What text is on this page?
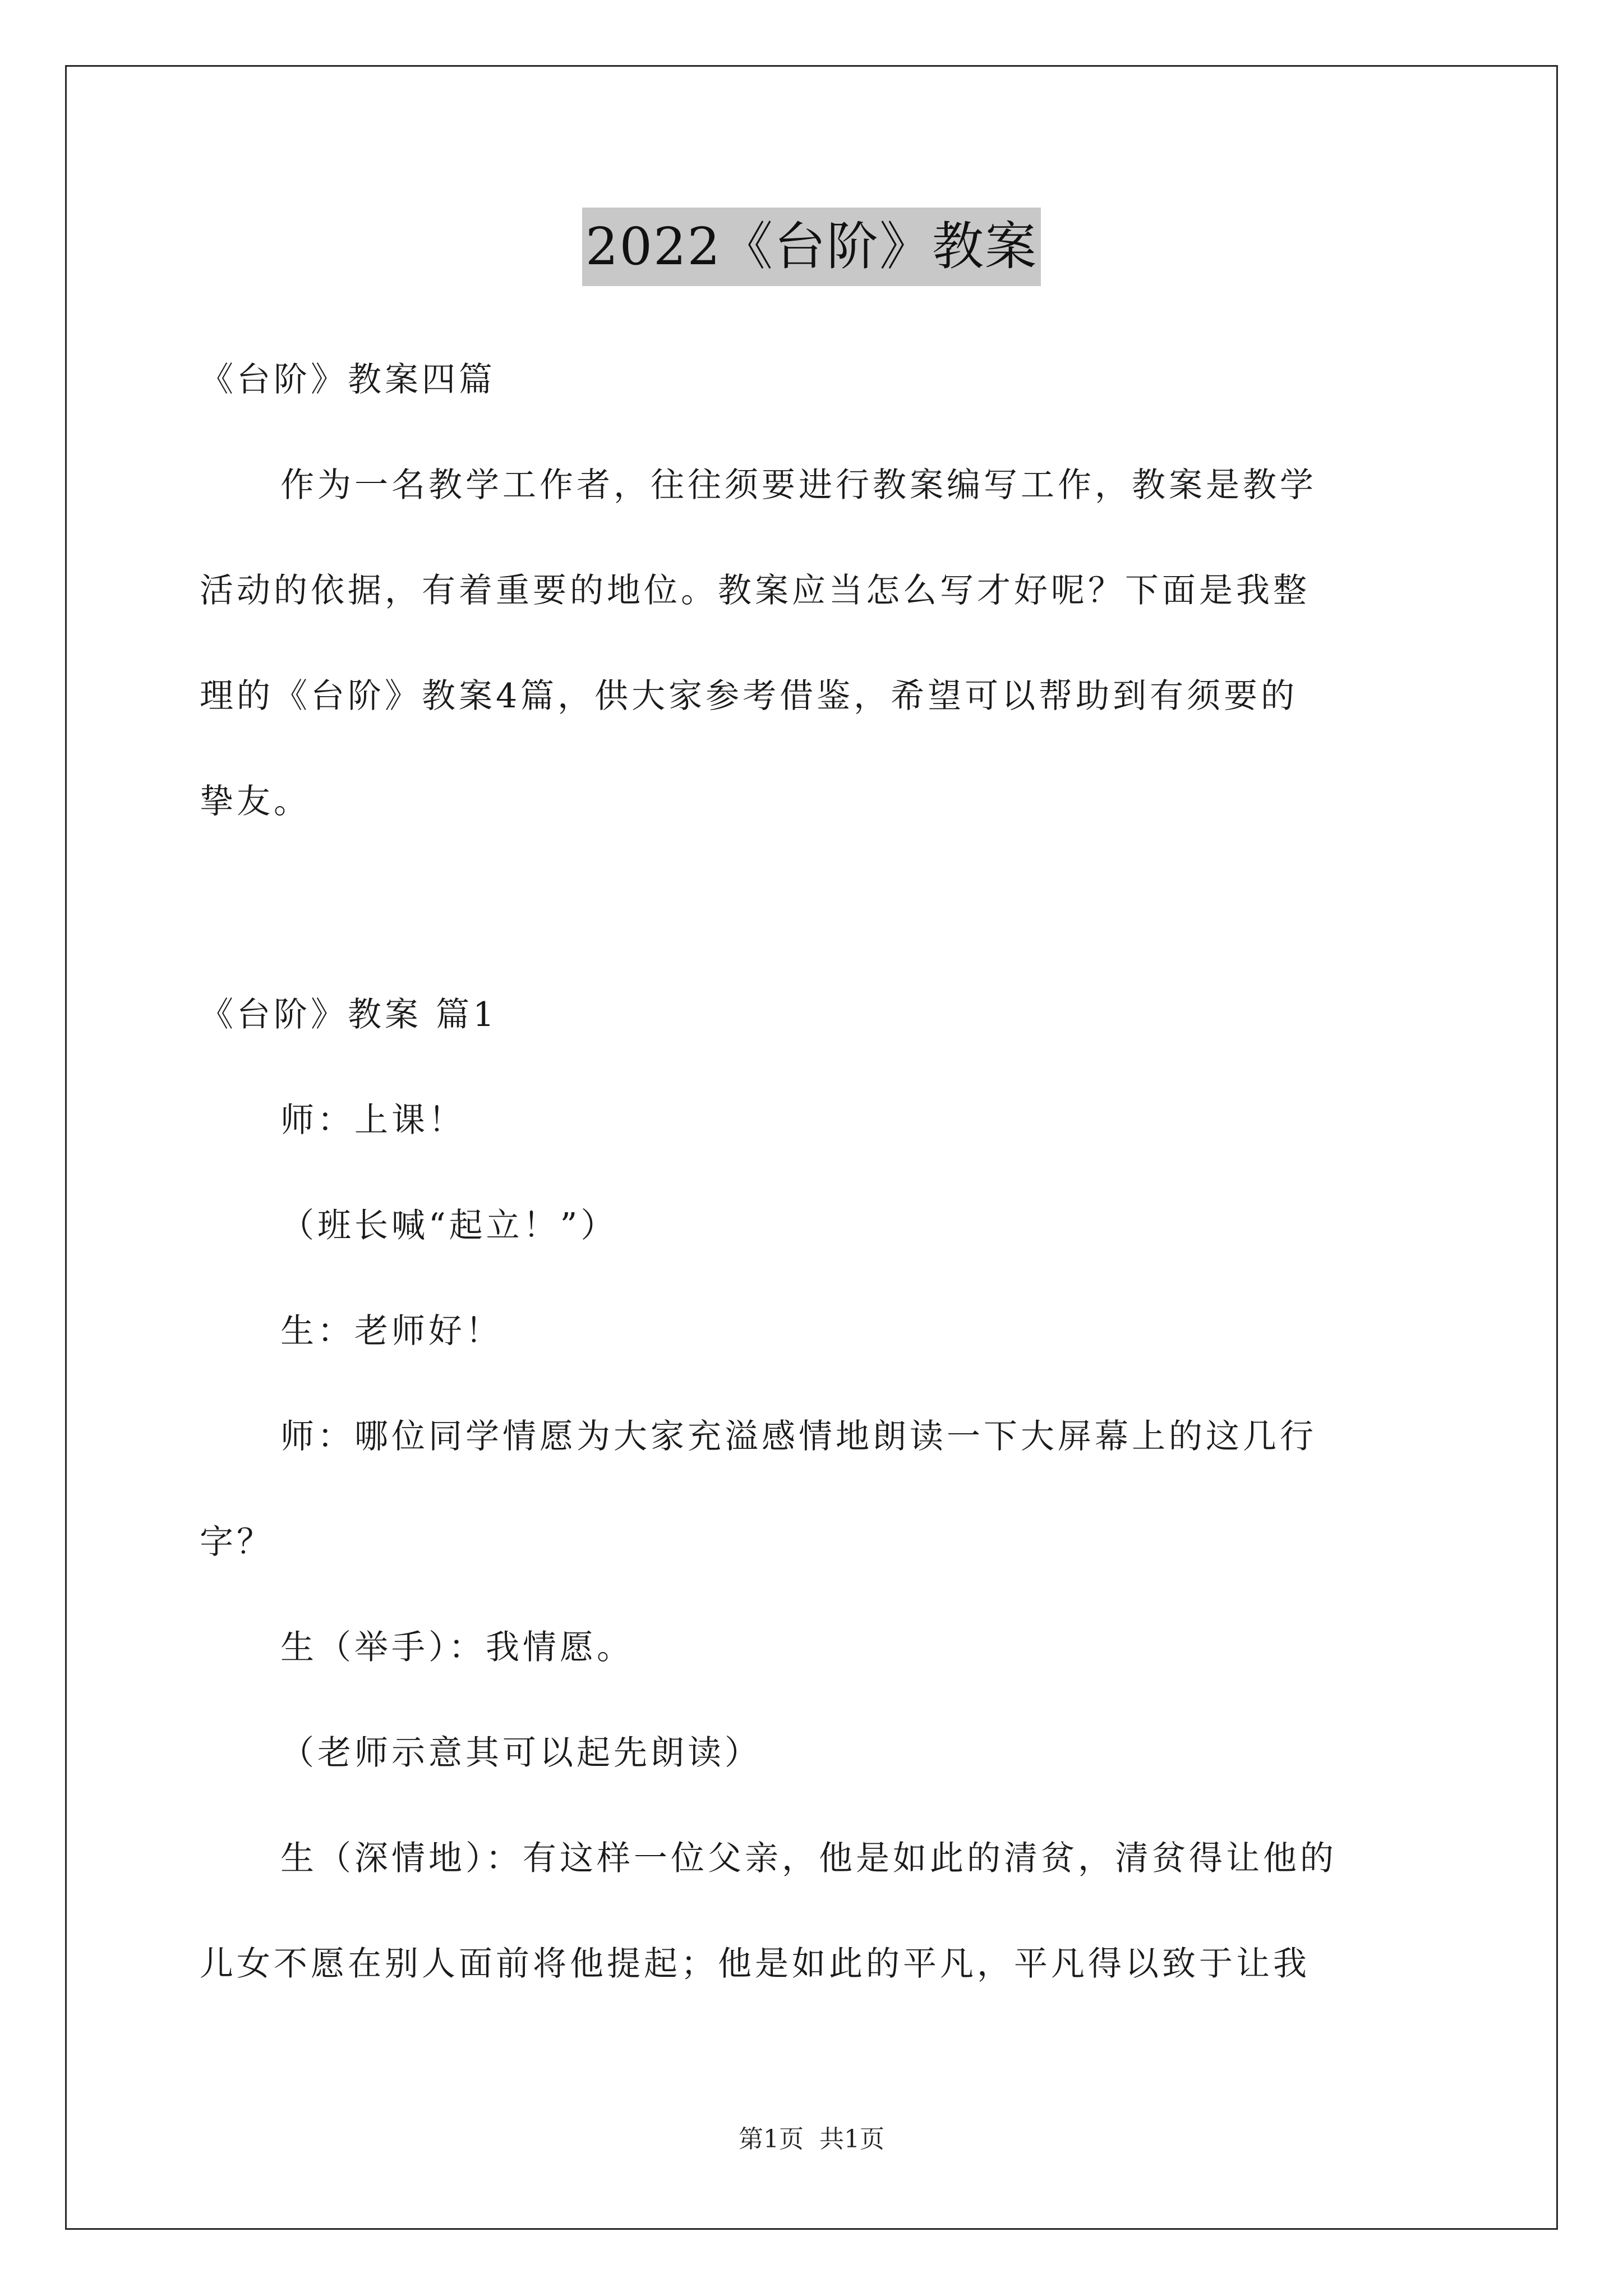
2022《台阶》教案
《台阶》教案四篇
作为一名教学工作者，往往须要进行教案编写工作，教案是教学
活动的依据，有着重要的地位。教案应当怎么写才好呢？下面是我整
理的《台阶》教案4篇，供大家参考借鉴，希望可以帮助到有须要的
挚友。
《台阶》教案 篇1
师：上课！
（班长喊“起立！”）
生：老师好！
师：哪位同学情愿为大家充溢感情地朗读一下大屏幕上的这几行
字？
生（举手）：我情愿。
（老师示意其可以起先朗读）
生（深情地）：有这样一位父亲，他是如此的清贫，清贫得让他的
儿女不愿在别人面前将他提起；他是如此的平凡，平凡得以致于让我
第1页 共1页
